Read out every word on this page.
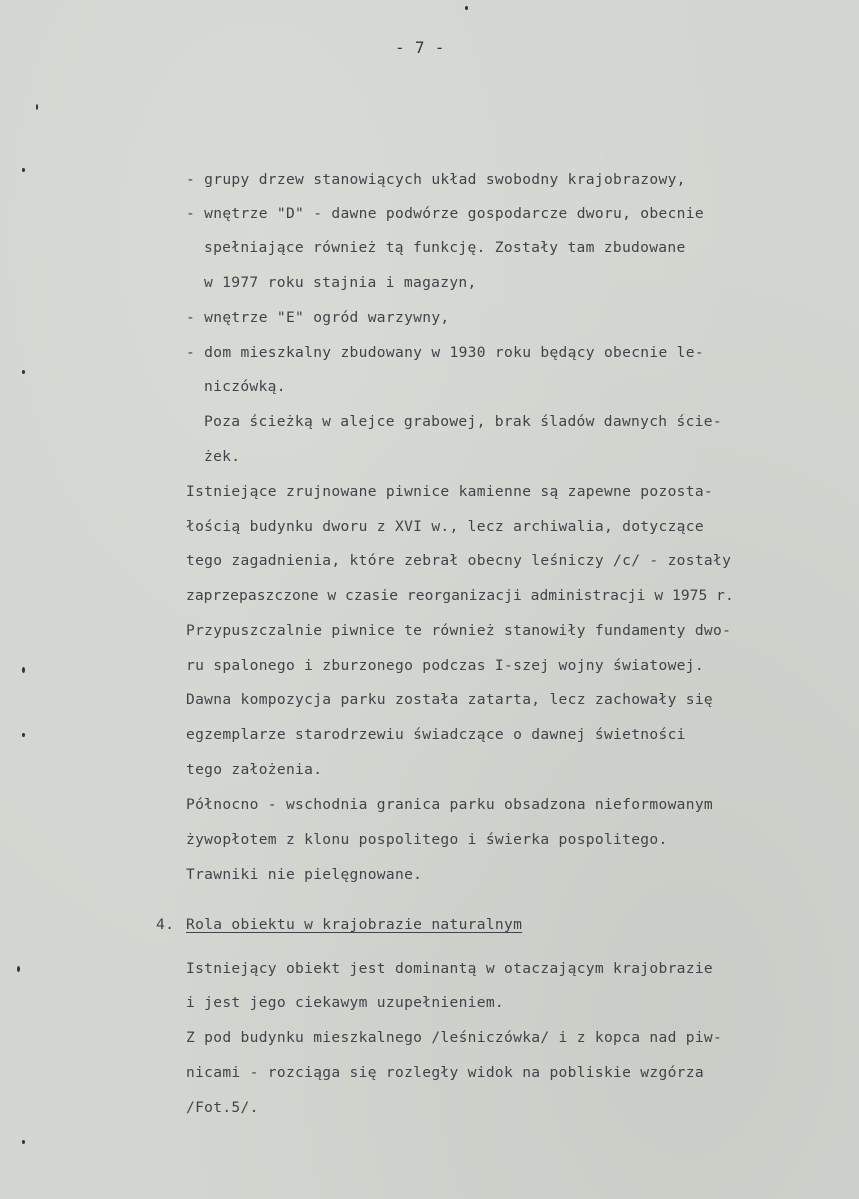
- 7 -
- grupy drzew stanowiących układ swobodny krajobrazowy,
- wnętrze "D" - dawne podwórze gospodarcze dworu, obecnie
spełniające również tą funkcję. Zostały tam zbudowane
w 1977 roku stajnia i magazyn,
- wnętrze "E" ogród warzywny,
- dom mieszkalny zbudowany w 1930 roku będący obecnie le-
niczówką.
Poza ścieżką w alejce grabowej, brak śladów dawnych ście-
żek.
Istniejące zrujnowane piwnice kamienne są zapewne pozosta-
łością budynku dworu z XVI w., lecz archiwalia, dotyczące
tego zagadnienia, które zebrał obecny leśniczy /c/ - zostały
zaprzepaszczone w czasie reorganizacji administracji w 1975 r.
Przypuszczalnie piwnice te również stanowiły fundamenty dwo-
ru spalonego i zburzonego podczas I-szej wojny światowej.
Dawna kompozycja parku została zatarta, lecz zachowały się
egzemplarze starodrzewiu świadczące o dawnej świetności
tego założenia.
Północno - wschodnia granica parku obsadzona nieformowanym
żywopłotem z klonu pospolitego i świerka pospolitego.
Trawniki nie pielęgnowane.
4. Rola obiektu w krajobrazie naturalnym
Istniejący obiekt jest dominantą w otaczającym krajobrazie
i jest jego ciekawym uzupełnieniem.
Z pod budynku mieszkalnego /leśniczówka/ i z kopca nad piw-
nicami - rozciąga się rozległy widok na pobliskie wzgórza
/Fot.5/.
